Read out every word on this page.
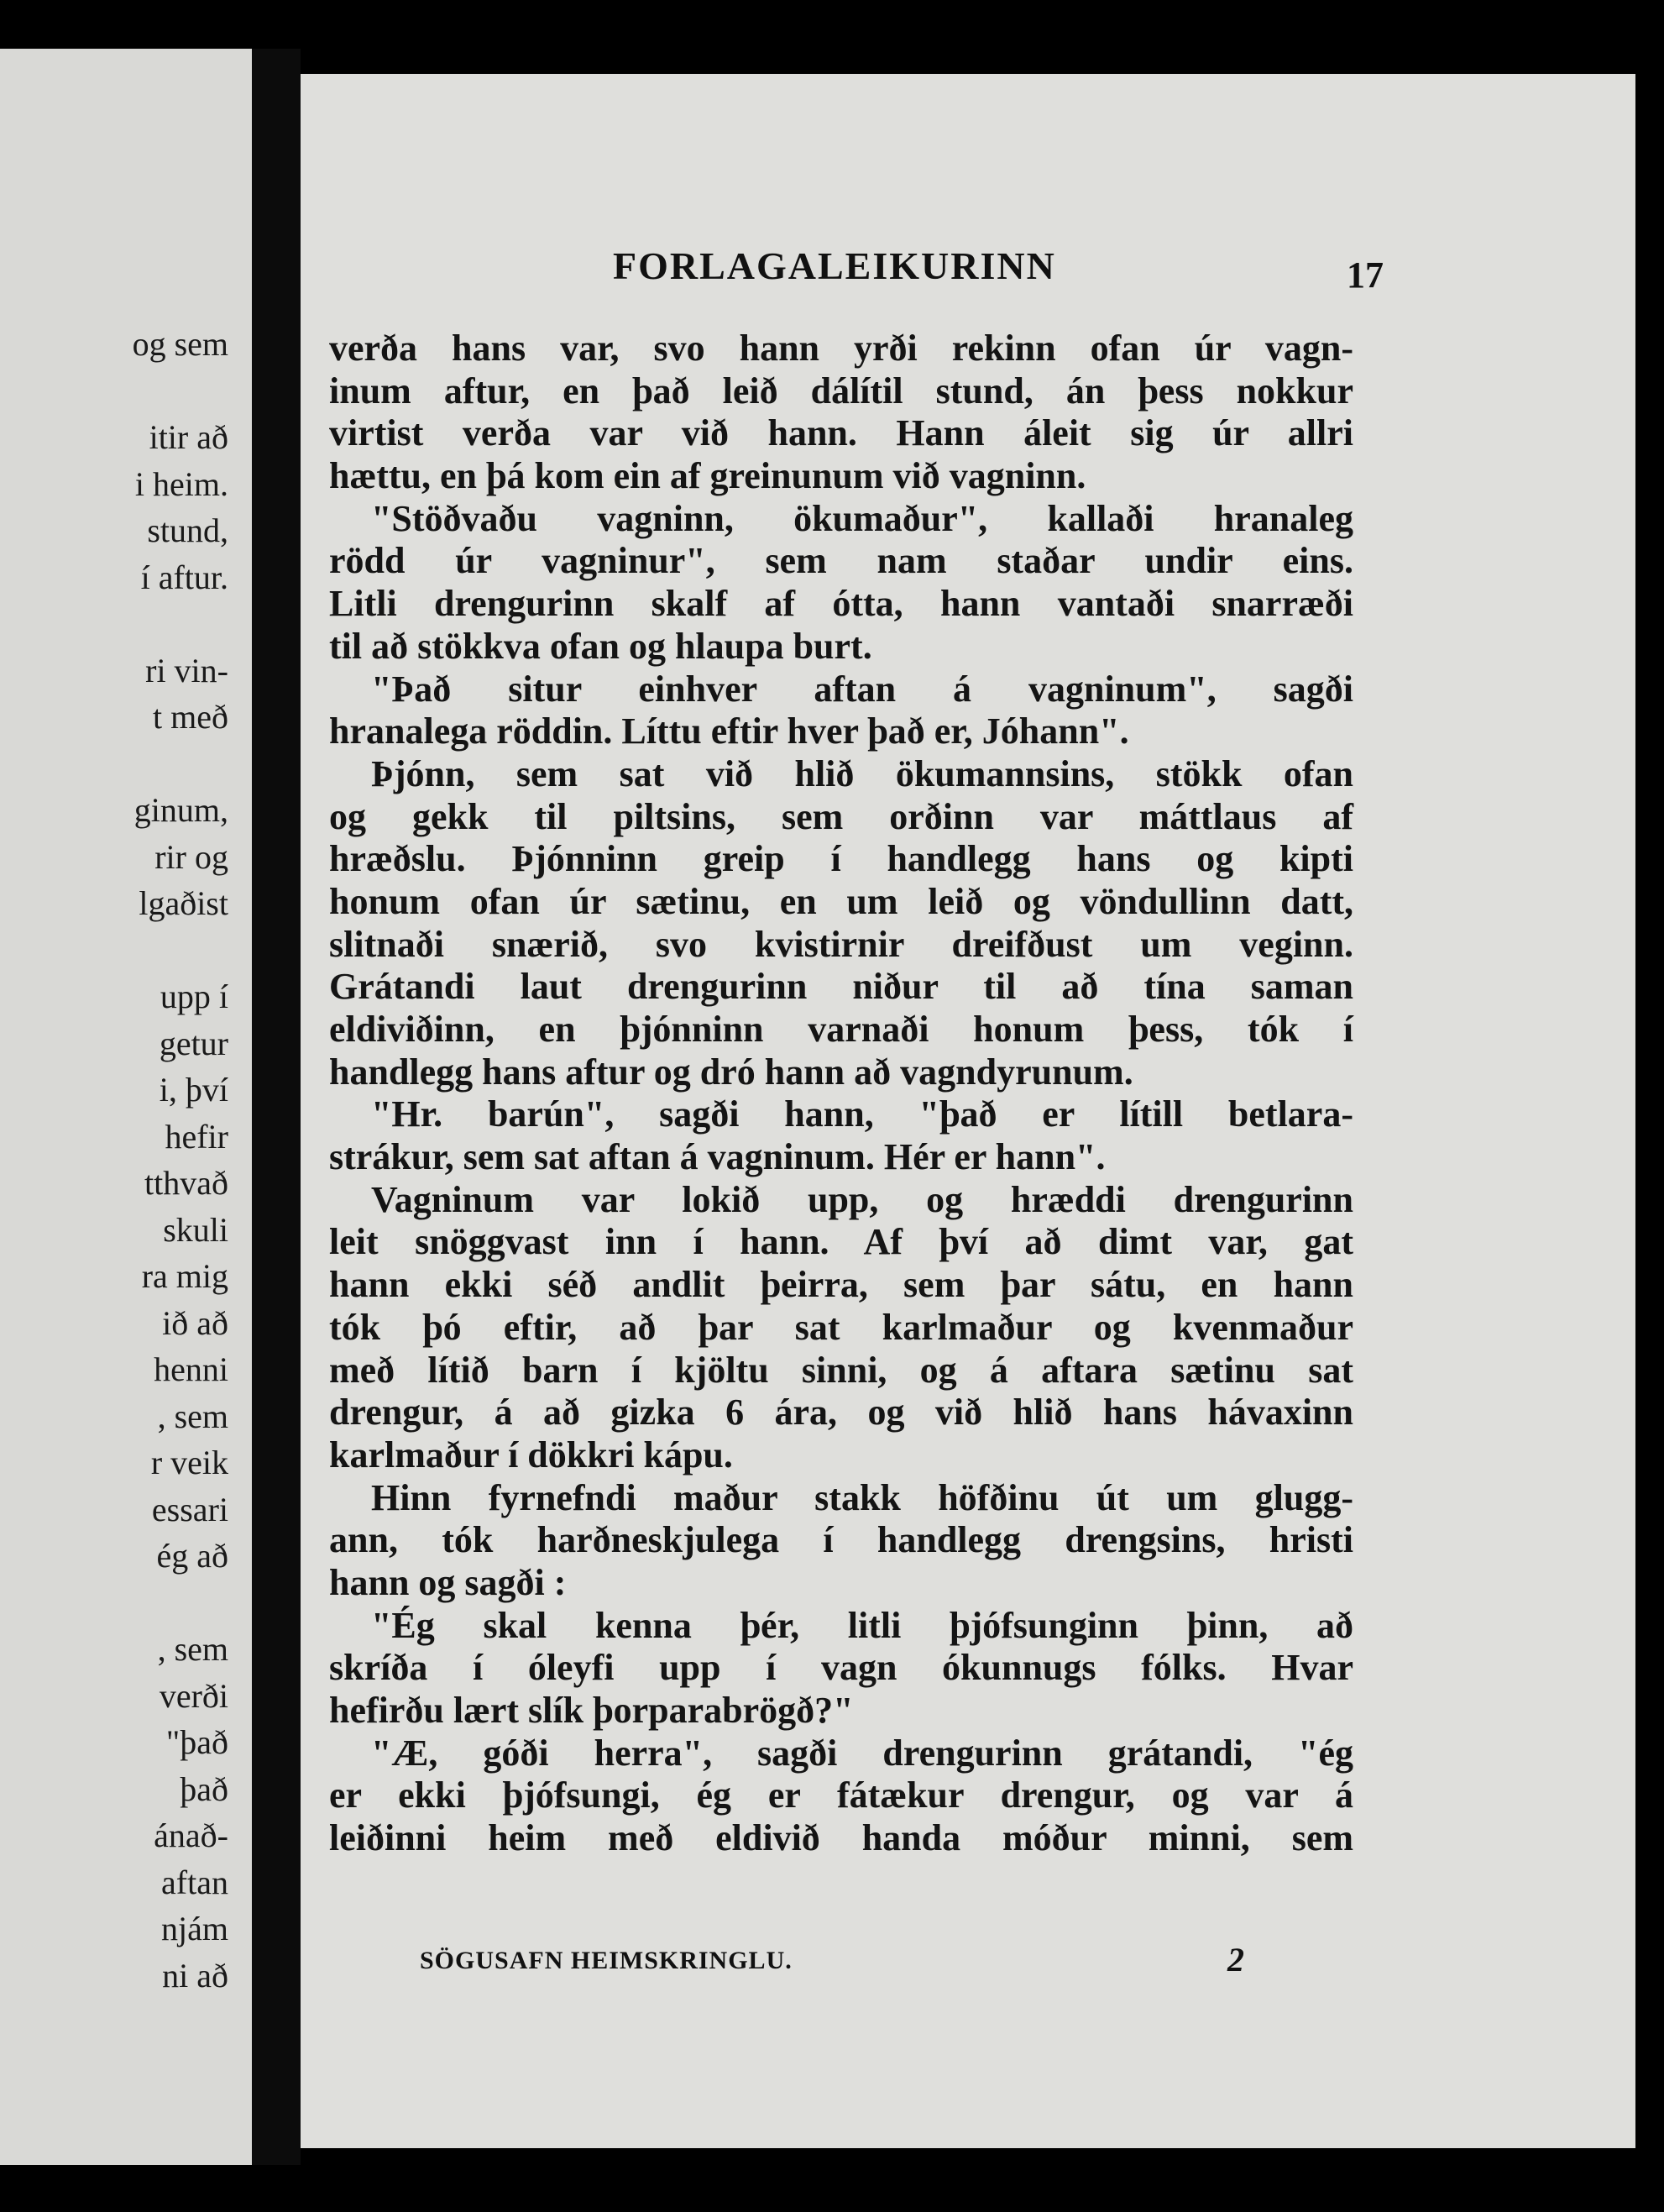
og sem
itir að
i heim.
stund,
í aftur.
ri vin-
t með
ginum,
rir og
lgaðist
upp í
getur
i, því
hefir
tthvað
skuli
ra mig
ið að
henni
, sem
r veik
essari
ég að
, sem
verði
"það
það
ánað-
aftan
njám
ni að
FORLAGALEIKURINN	17
verða hans var, svo hann yrði rekinn ofan úr vagn-
inum aftur, en það leið dálítil stund, án þess nokkur
virtist verða var við hann. Hann áleit sig úr allri
hættu, en þá kom ein af greinunum við vagninn.
"Stöðvaðu vagninn, ökumaður", kallaði hranaleg
rödd úr vagninur", sem nam staðar undir eins.
Litli drengurinn skalf af ótta, hann vantaði snarræði
til að stökkva ofan og hlaupa burt.
"Það situr einhver aftan á vagninum", sagði
hranalega röddin. Líttu eftir hver það er, Jóhann".
Þjónn, sem sat við hlið ökumannsins, stökk ofan
og gekk til piltsins, sem orðinn var máttlaus af
hræðslu. Þjónninn greip í handlegg hans og kipti
honum ofan úr sætinu, en um leið og vöndullinn datt,
slitnaði snærið, svo kvistirnir dreifðust um veginn.
Grátandi laut drengurinn niður til að tína saman
eldiviðinn, en þjónninn varnaði honum þess, tók í
handlegg hans aftur og dró hann að vagndyrunum.
"Hr. barún", sagði hann, "það er lítill betlara-
strákur, sem sat aftan á vagninum. Hér er hann".
Vagninum var lokið upp, og hræddi drengurinn
leit snöggvast inn í hann. Af því að dimt var, gat
hann ekki séð andlit þeirra, sem þar sátu, en hann
tók þó eftir, að þar sat karlmaður og kvenmaður
með lítið barn í kjöltu sinni, og á aftara sætinu sat
drengur, á að gizka 6 ára, og við hlið hans hávaxinn
karlmaður í dökkri kápu.
Hinn fyrnefndi maður stakk höfðinu út um glugg-
ann, tók harðneskjulega í handlegg drengsins, hristi
hann og sagði :
"Ég skal kenna þér, litli þjófsunginn þinn, að
skríða í óleyfi upp í vagn ókunnugs fólks. Hvar
hefirðu lært slík þorparabrögð?"
"Æ, góði herra", sagði drengurinn grátandi, "ég
er ekki þjófsungi, ég er fátækur drengur, og var á
leiðinni heim með eldivið handa móður minni, sem
SÖGUSAFN HEIMSKRINGLU.	2
